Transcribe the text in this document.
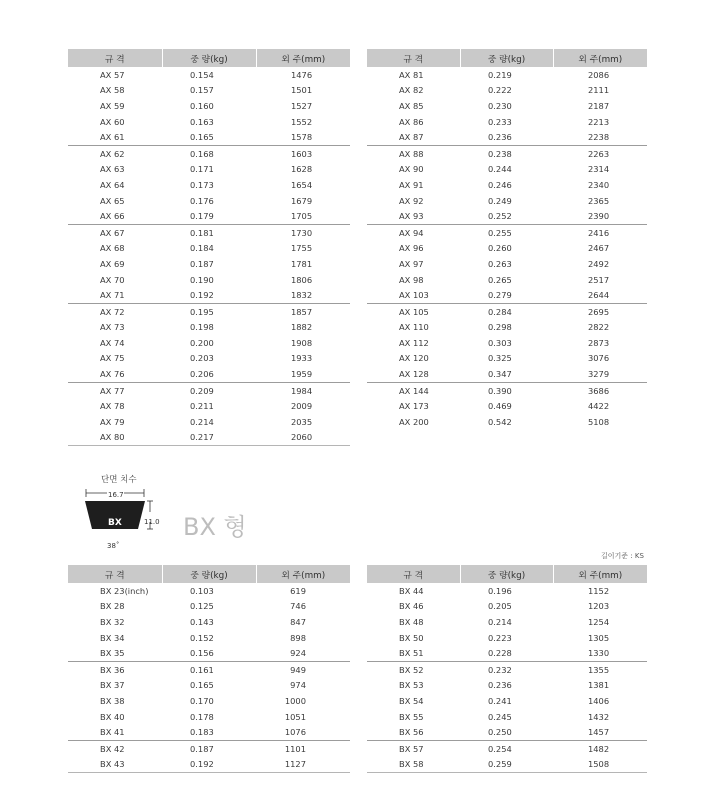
규 격	중 량(kg)	외 주(mm)
AX 57	0.154	1476
AX 58	0.157	1501
AX 59	0.160	1527
AX 60	0.163	1552
AX 61	0.165	1578
AX 62	0.168	1603
AX 63	0.171	1628
AX 64	0.173	1654
AX 65	0.176	1679
AX 66	0.179	1705
AX 67	0.181	1730
AX 68	0.184	1755
AX 69	0.187	1781
AX 70	0.190	1806
AX 71	0.192	1832
AX 72	0.195	1857
AX 73	0.198	1882
AX 74	0.200	1908
AX 75	0.203	1933
AX 76	0.206	1959
AX 77	0.209	1984
AX 78	0.211	2009
AX 79	0.214	2035
AX 80	0.217	2060
규 격	중 량(kg)	외 주(mm)
AX 81	0.219	2086
AX 82	0.222	2111
AX 85	0.230	2187
AX 86	0.233	2213
AX 87	0.236	2238
AX 88	0.238	2263
AX 90	0.244	2314
AX 91	0.246	2340
AX 92	0.249	2365
AX 93	0.252	2390
AX 94	0.255	2416
AX 96	0.260	2467
AX 97	0.263	2492
AX 98	0.265	2517
AX 103	0.279	2644
AX 105	0.284	2695
AX 110	0.298	2822
AX 112	0.303	2873
AX 120	0.325	3076
AX 128	0.347	3279
AX 144	0.390	3686
AX 173	0.469	4422
AX 200	0.542	5108
단면 치수
16.7
11.0
38˚
BX	BX 형
길이기준 : KS
규 격	중 량(kg)	외 주(mm)
BX 23(inch)	0.103	619
BX 28	0.125	746
BX 32	0.143	847
BX 34	0.152	898
BX 35	0.156	924
BX 36	0.161	949
BX 37	0.165	974
BX 38	0.170	1000
BX 40	0.178	1051
BX 41	0.183	1076
BX 42	0.187	1101
BX 43	0.192	1127
규 격	중 량(kg)	외 주(mm)
BX 44	0.196	1152
BX 46	0.205	1203
BX 48	0.214	1254
BX 50	0.223	1305
BX 51	0.228	1330
BX 52	0.232	1355
BX 53	0.236	1381
BX 54	0.241	1406
BX 55	0.245	1432
BX 56	0.250	1457
BX 57	0.254	1482
BX 58	0.259	1508
